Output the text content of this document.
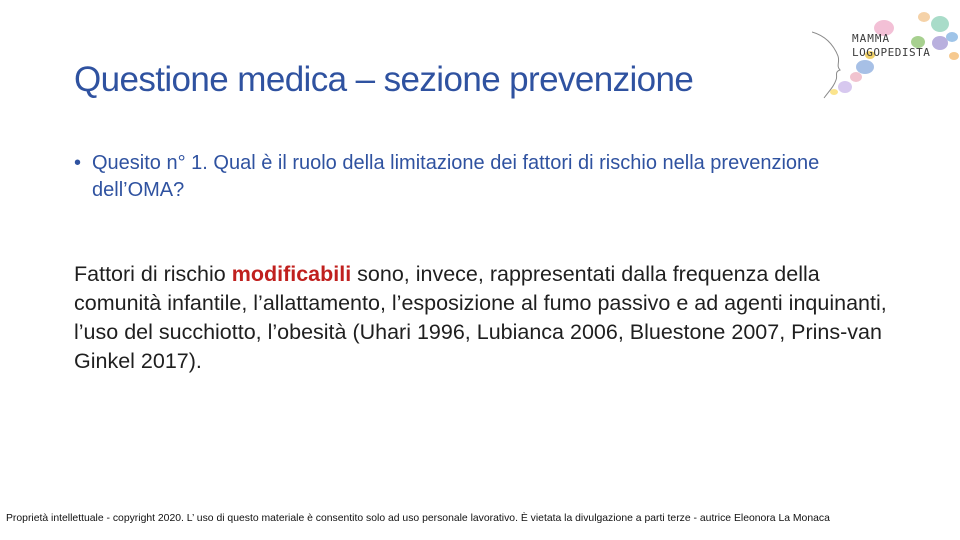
MAMMA
LOGOPEDISTA
Questione medica – sezione prevenzione
• Quesito n° 1. Qual è il ruolo della limitazione dei fattori di rischio nella prevenzione dell’OMA?
Fattori di rischio modificabili sono, invece, rappresentati dalla frequenza della comunità infantile, l’allattamento, l’esposizione al fumo passivo e ad agenti inquinanti, l’uso del succhiotto, l’obesità (Uhari 1996, Lubianca 2006, Bluestone 2007, Prins-van Ginkel 2017).
Proprietà intellettuale - copyright 2020. L’ uso di questo materiale è consentito solo ad uso personale lavorativo. È vietata la divulgazione a parti terze - autrice Eleonora La Monaca
